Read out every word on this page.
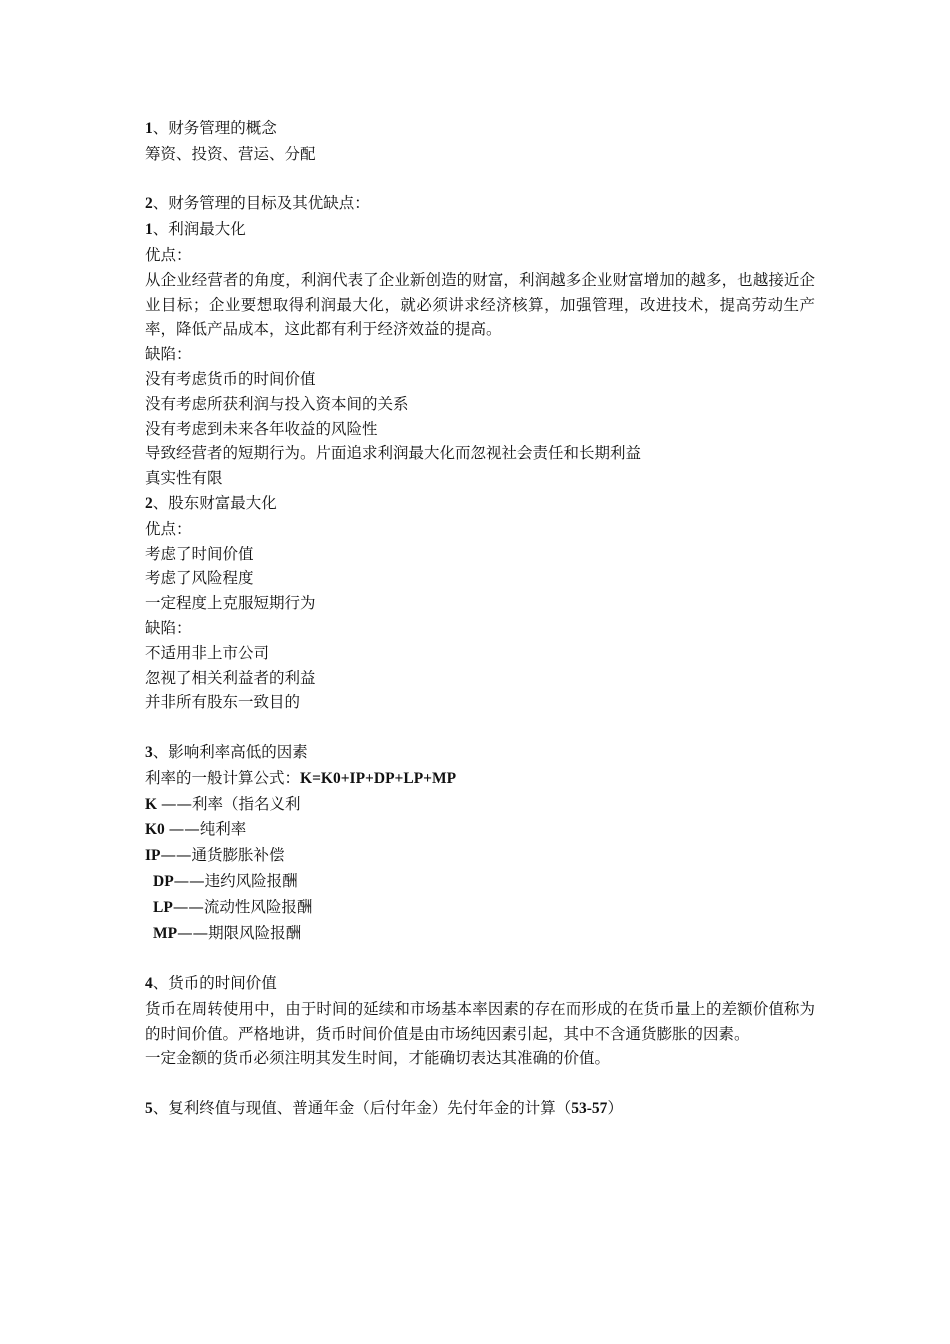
1、财务管理的概念
筹资、投资、营运、分配
2、财务管理的目标及其优缺点：
1、利润最大化
优点：
从企业经营者的角度，利润代表了企业新创造的财富，利润越多企业财富增加的越多，也越接近企业目标；企业要想取得利润最大化，就必须讲求经济核算，加强管理，改进技术，提高劳动生产率，降低产品成本，这此都有利于经济效益的提高。
缺陷：
没有考虑货币的时间价值
没有考虑所获利润与投入资本间的关系
没有考虑到未来各年收益的风险性
导致经营者的短期行为。片面追求利润最大化而忽视社会责任和长期利益
真实性有限
2、股东财富最大化
优点：
考虑了时间价值
考虑了风险程度
一定程度上克服短期行为
缺陷：
不适用非上市公司
忽视了相关利益者的利益
并非所有股东一致目的
3、影响利率高低的因素
利率的一般计算公式：K=K0+IP+DP+LP+MP
K ——利率（指名义利
K0 ——纯利率
IP——通货膨胀补偿
DP——违约风险报酬
LP——流动性风险报酬
MP——期限风险报酬
4、货币的时间价值
货币在周转使用中，由于时间的延续和市场基本率因素的存在而形成的在货币量上的差额价值称为的时间价值。严格地讲，货币时间价值是由市场纯因素引起，其中不含通货膨胀的因素。
一定金额的货币必须注明其发生时间，才能确切表达其准确的价值。
5、复利终值与现值、普通年金（后付年金）先付年金的计算（53-57）
